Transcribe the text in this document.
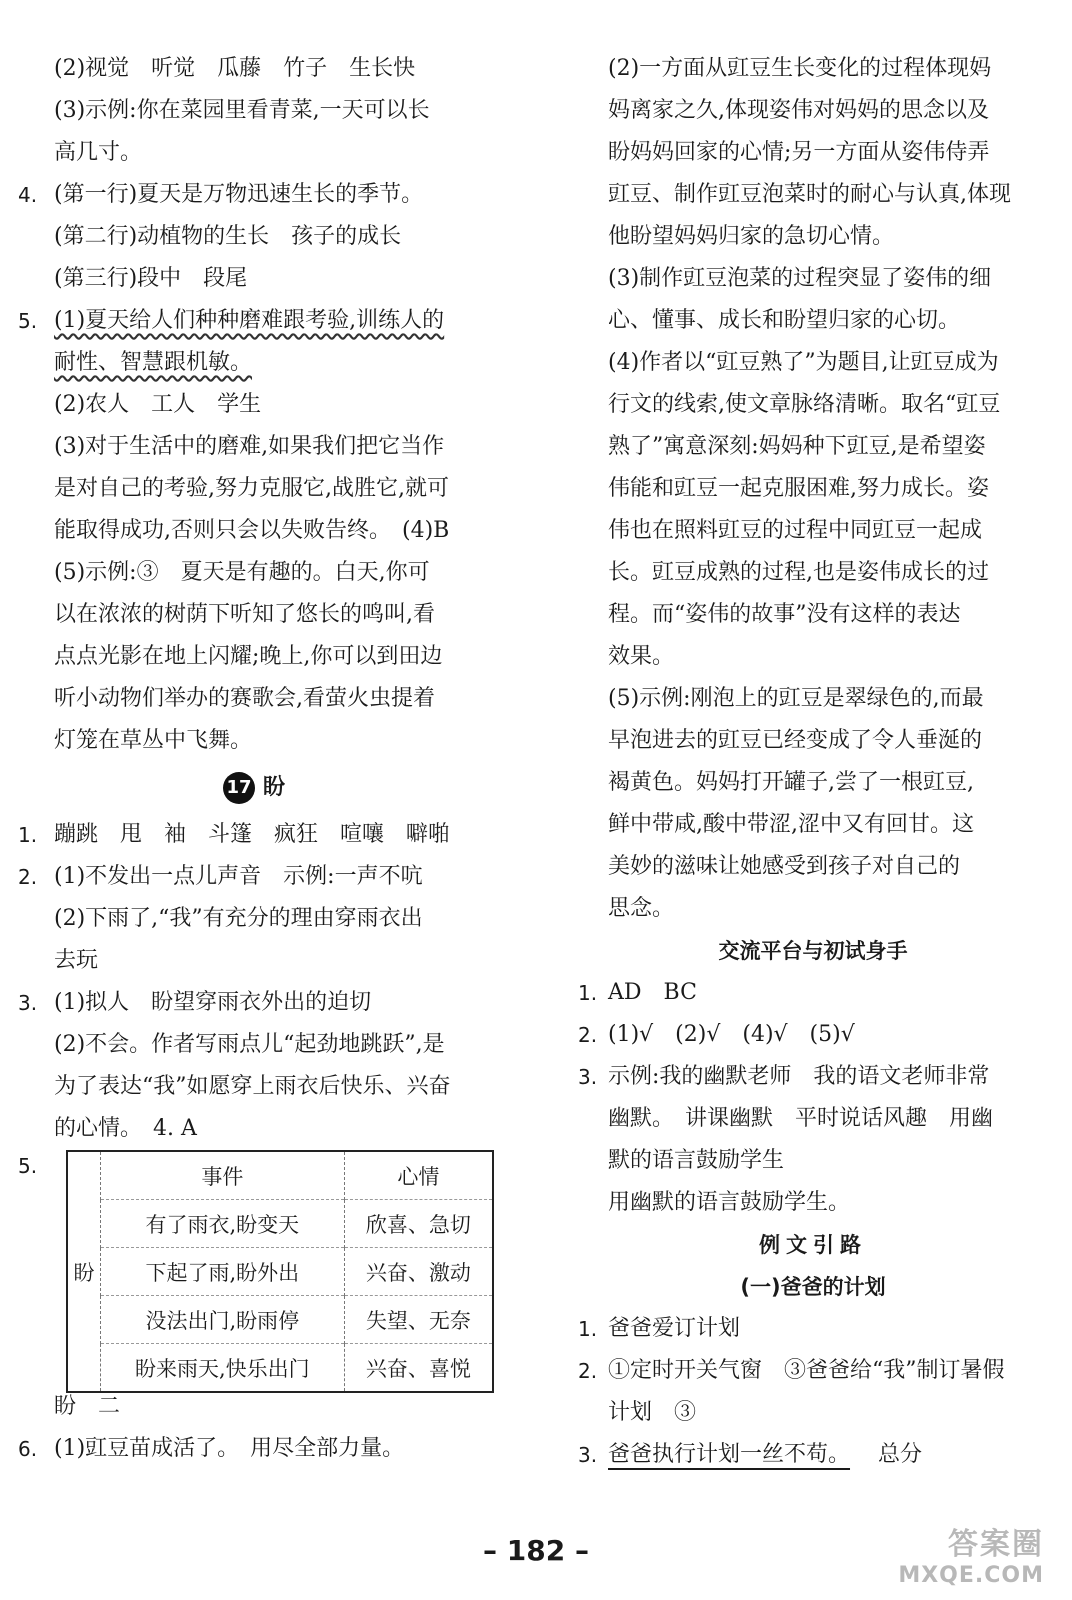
(2)视觉　听觉　瓜藤　竹子　生长快
(3)示例:你在菜园里看青菜,一天可以长
高几寸。
4. (第一行)夏天是万物迅速生长的季节。
(第二行)动植物的生长　孩子的成长
(第三行)段中　段尾
5. (1)夏天给人们种种磨难跟考验,训练人的
耐性、智慧跟机敏。
(2)农人　工人　学生
(3)对于生活中的磨难,如果我们把它当作
是对自己的考验,努力克服它,战胜它,就可
能取得成功,否则只会以失败告终。　(4)B
(5)示例:③　夏天是有趣的。白天,你可
以在浓浓的树荫下听知了悠长的鸣叫,看
点点光影在地上闪耀;晚上,你可以到田边
听小动物们举办的赛歌会,看萤火虫提着
灯笼在草丛中飞舞。
17 盼
1. 蹦跳　甩　袖　斗篷　疯狂　喧嚷　噼啪
2. (1)不发出一点儿声音　示例:一声不吭
(2)下雨了,“我”有充分的理由穿雨衣出
去玩
3. (1)拟人　盼望穿雨衣外出的迫切
(2)不会。作者写雨点儿“起劲地跳跃”,是
为了表达“我”如愿穿上雨衣后快乐、兴奋
的心情。　4. A
5.
盼	事件	心情
	有了雨衣,盼变天	欣喜、急切
	下起了雨,盼外出	兴奋、激动
	没法出门,盼雨停	失望、无奈
	盼来雨天,快乐出门	兴奋、喜悦
盼　二
6. (1)豇豆苗成活了。　用尽全部力量。
(2)一方面从豇豆生长变化的过程体现妈
妈离家之久,体现姿伟对妈妈的思念以及
盼妈妈回家的心情;另一方面从姿伟侍弄
豇豆、制作豇豆泡菜时的耐心与认真,体现
他盼望妈妈归家的急切心情。
(3)制作豇豆泡菜的过程突显了姿伟的细
心、懂事、成长和盼望归家的心切。
(4)作者以“豇豆熟了”为题目,让豇豆成为
行文的线索,使文章脉络清晰。取名“豇豆
熟了”寓意深刻:妈妈种下豇豆,是希望姿
伟能和豇豆一起克服困难,努力成长。姿
伟也在照料豇豆的过程中同豇豆一起成
长。豇豆成熟的过程,也是姿伟成长的过
程。而“姿伟的故事”没有这样的表达
效果。
(5)示例:刚泡上的豇豆是翠绿色的,而最
早泡进去的豇豆已经变成了令人垂涎的
褐黄色。妈妈打开罐子,尝了一根豇豆,
鲜中带咸,酸中带涩,涩中又有回甘。这
美妙的滋味让她感受到孩子对自己的
思念。
交流平台与初试身手
1. AD　BC
2. (1)√　(2)√　(4)√　(5)√
3. 示例:我的幽默老师　我的语文老师非常
幽默。　讲课幽默　平时说话风趣　用幽
默的语言鼓励学生
用幽默的语言鼓励学生。
例文引路
(一)爸爸的计划
1. 爸爸爱订计划
2. ①定时开关气窗　③爸爸给“我”制订暑假
计划　③
3. 爸爸执行计划一丝不苟。 总分
– 182 –	答案圈
MXQE.COM
